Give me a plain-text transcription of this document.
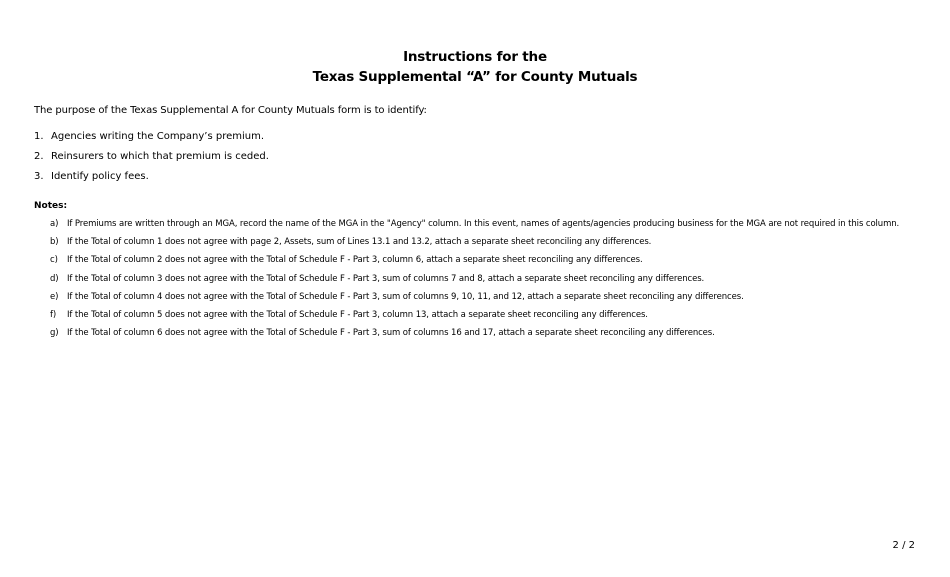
Instructions for the
Texas Supplemental “A” for County Mutuals
The purpose of the Texas Supplemental A for County Mutuals form is to identify:
1. Agencies writing the Company’s premium.
2. Reinsurers to which that premium is ceded.
3. Identify policy fees.
Notes:
a) If Premiums are written through an MGA, record the name of the MGA in the "Agency" column. In this event, names of agents/agencies producing business for the MGA are not required in this column.
b) If the Total of column 1 does not agree with page 2, Assets, sum of Lines 13.1 and 13.2, attach a separate sheet reconciling any differences.
c) If the Total of column 2 does not agree with the Total of Schedule F - Part 3, column 6, attach a separate sheet reconciling any differences.
d) If the Total of column 3 does not agree with the Total of Schedule F - Part 3, sum of columns 7 and 8, attach a separate sheet reconciling any differences.
e) If the Total of column 4 does not agree with the Total of Schedule F - Part 3, sum of columns 9, 10, 11, and 12, attach a separate sheet reconciling any differences.
f) If the Total of column 5 does not agree with the Total of Schedule F - Part 3, column 13, attach a separate sheet reconciling any differences.
g) If the Total of column 6 does not agree with the Total of Schedule F - Part 3, sum of columns 16 and 17, attach a separate sheet reconciling any differences.
2 / 2
